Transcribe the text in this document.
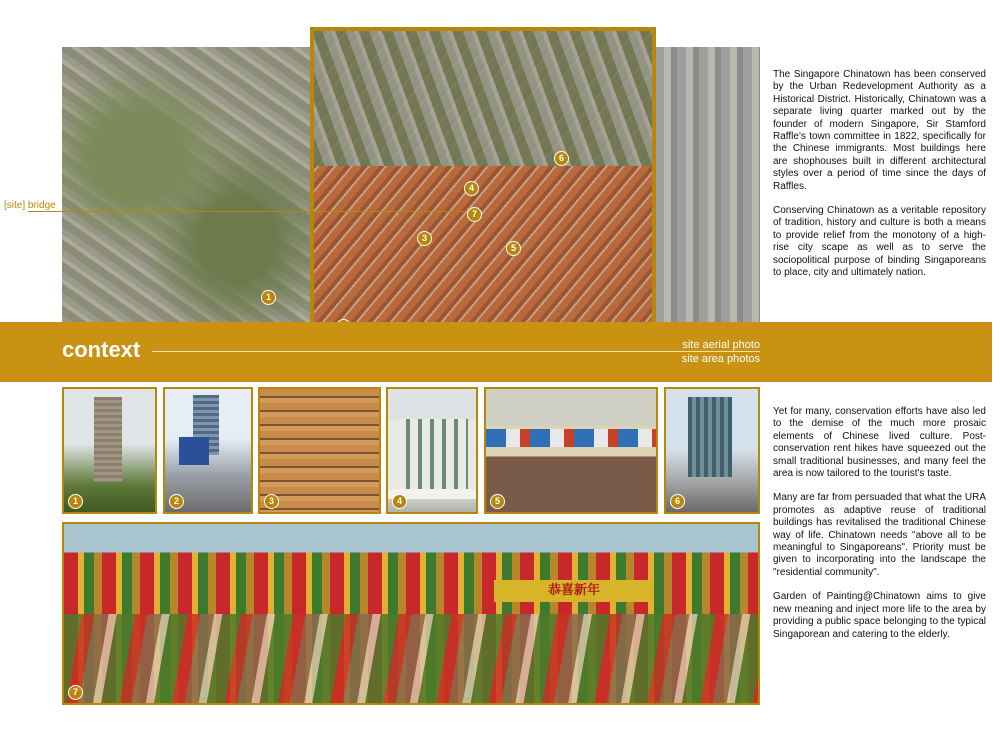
1
3
4
5
6
7
[site] bridge

The Singapore Chinatown has been conserved by the Urban Redevelopment Authority as a Historical District. Historically, Chinatown was a separate living quarter marked out by the founder of modern Singapore, Sir Stamford Raffle's town committee in 1822, specifically for the Chinese immigrants. Most buildings here are shophouses built in different architectural styles over a period of time since the days of Raffles.

Conserving Chinatown as a veritable repository of tradition, history and culture is both a means to provide relief from the monotony of a high-rise city scape as well as to serve the sociopolitical purpose of binding Singaporeans to place, city and ultimately nation.

context	site aerial photo
site area photos
1	2	3	4	5	6
恭喜新年
7

Yet for many, conservation efforts have also led to the demise of the much more prosaic elements of Chinese lived culture. Post-conservation rent hikes have squeezed out the small traditional businesses, and many feel the area is now tailored to the tourist's taste.

Many are far from persuaded that what the URA promotes as adaptive reuse of traditional buildings has revitalised the traditional Chinese way of life. Chinatown needs "above all to be meaningful to Singaporeans". Priority must be given to incorporating into the landscape the "residential community".

Garden of Painting@Chinatown aims to give new meaning and inject more life to the area by providing a public space belonging to the typical Singaporean and catering to the elderly.
